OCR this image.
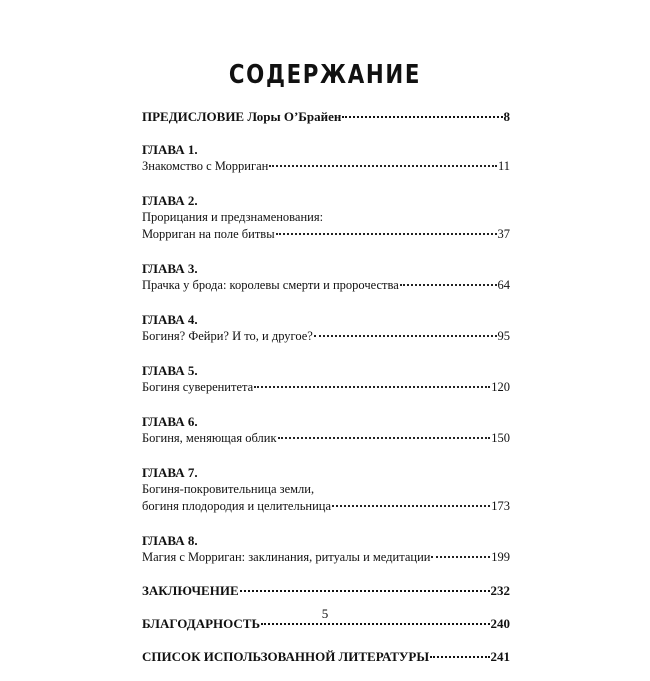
СОДЕРЖАНИЕ
ПРЕДИСЛОВИЕ Лоры О’Брайен	8
ГЛАВА 1.
Знакомство с Морриган	11
ГЛАВА 2.
Прорицания и предзнаменования:
Морриган на поле битвы	37
ГЛАВА 3.
Прачка у брода: королевы смерти и пророчества	64
ГЛАВА 4.
Богиня? Фейри? И то, и другое?	95
ГЛАВА 5.
Богиня суверенитета	120
ГЛАВА 6.
Богиня, меняющая облик	150
ГЛАВА 7.
Богиня-покровительница земли,
богиня плодородия и целительница	173
ГЛАВА 8.
Магия с Морриган: заклинания, ритуалы и медитации	199
ЗАКЛЮЧЕНИЕ	232
БЛАГОДАРНОСТЬ	240
СПИСОК ИСПОЛЬЗОВАННОЙ ЛИТЕРАТУРЫ	241
5
